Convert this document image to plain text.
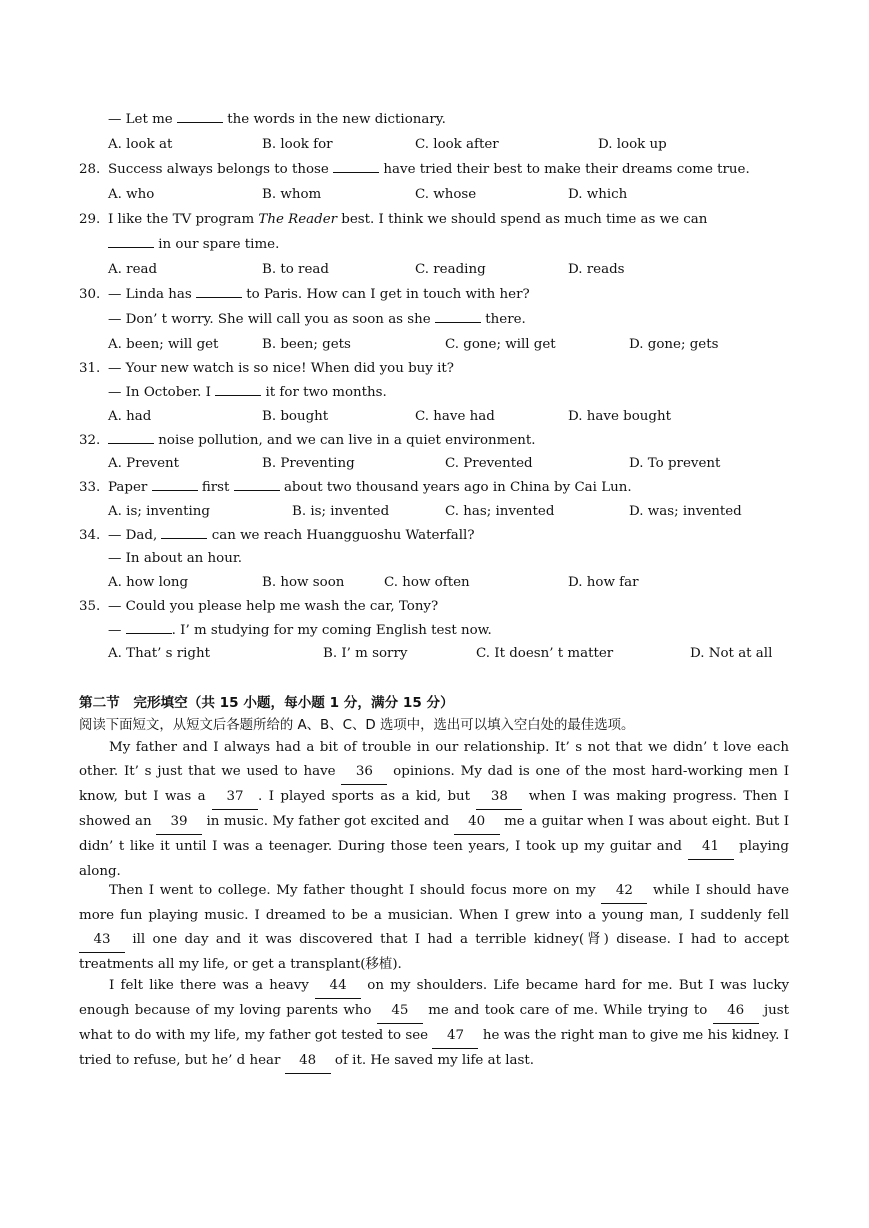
— Let me	the words in the new dictionary.
A. look at	B. look for	C. look after	D. look up
28. Success always belongs to those	have tried their best to make their dreams come true.
A. who	B. whom	C. whose	D. which
29. I like the TV program The Reader best. I think we should spend as much time as we can
in our spare time.
A. read	B. to read	C. reading	D. reads
30. — Linda has	to Paris. How can I get in touch with her?
— Don’ t worry. She will call you as soon as she	there.
A. been; will get	B. been; gets	C. gone; will get	D. gone; gets
31. — Your new watch is so nice! When did you buy it?
— In October. I	it for two months.
A. had	B. bought	C. have had	D. have bought
32.	noise pollution, and we can live in a quiet environment.
A. Prevent	B. Preventing	C. Prevented	D. To prevent
33. Paper	first	about two thousand years ago in China by Cai Lun.
A. is; inventing	B. is; invented	C. has; invented	D. was; invented
34. — Dad,	can we reach Huangguoshu Waterfall?
— In about an hour.
A. how long	B. how soon	C. how often	D. how far
35. — Could you please help me wash the car, Tony?
—	. I’ m studying for my coming English test now.
A. That’ s right	B. I’ m sorry	C. It doesn’ t matter	D. Not at all
第二节　完形填空（共 15 小题，每小题 1 分，满分 15 分）
阅读下面短文，从短文后各题所给的 A、B、C、D 选项中，选出可以填入空白处的最佳选项。
My father and I always had a bit of trouble in our relationship. It’ s not that we didn’ t love each other. It’ s just that we used to have 36 opinions. My dad is one of the most hard-working men I know, but I was a 37 . I played sports as a kid, but 38 when I was making progress. Then I showed an 39 in music. My father got excited and 40 me a guitar when I was about eight. But I didn’ t like it until I was a teenager. During those teen years, I took up my guitar and 41 playing along.
Then I went to college. My father thought I should focus more on my 42 while I should have more fun playing music. I dreamed to be a musician. When I grew into a young man, I suddenly fell 43 ill one day and it was discovered that I had a terrible kidney(肾) disease. I had to accept treatments all my life, or get a transplant(移植).
I felt like there was a heavy 44 on my shoulders. Life became hard for me. But I was lucky enough because of my loving parents who 45 me and took care of me. While trying to 46 just what to do with my life, my father got tested to see 47 he was the right man to give me his kidney. I tried to refuse, but he’ d hear 48 of it. He saved my life at last.
